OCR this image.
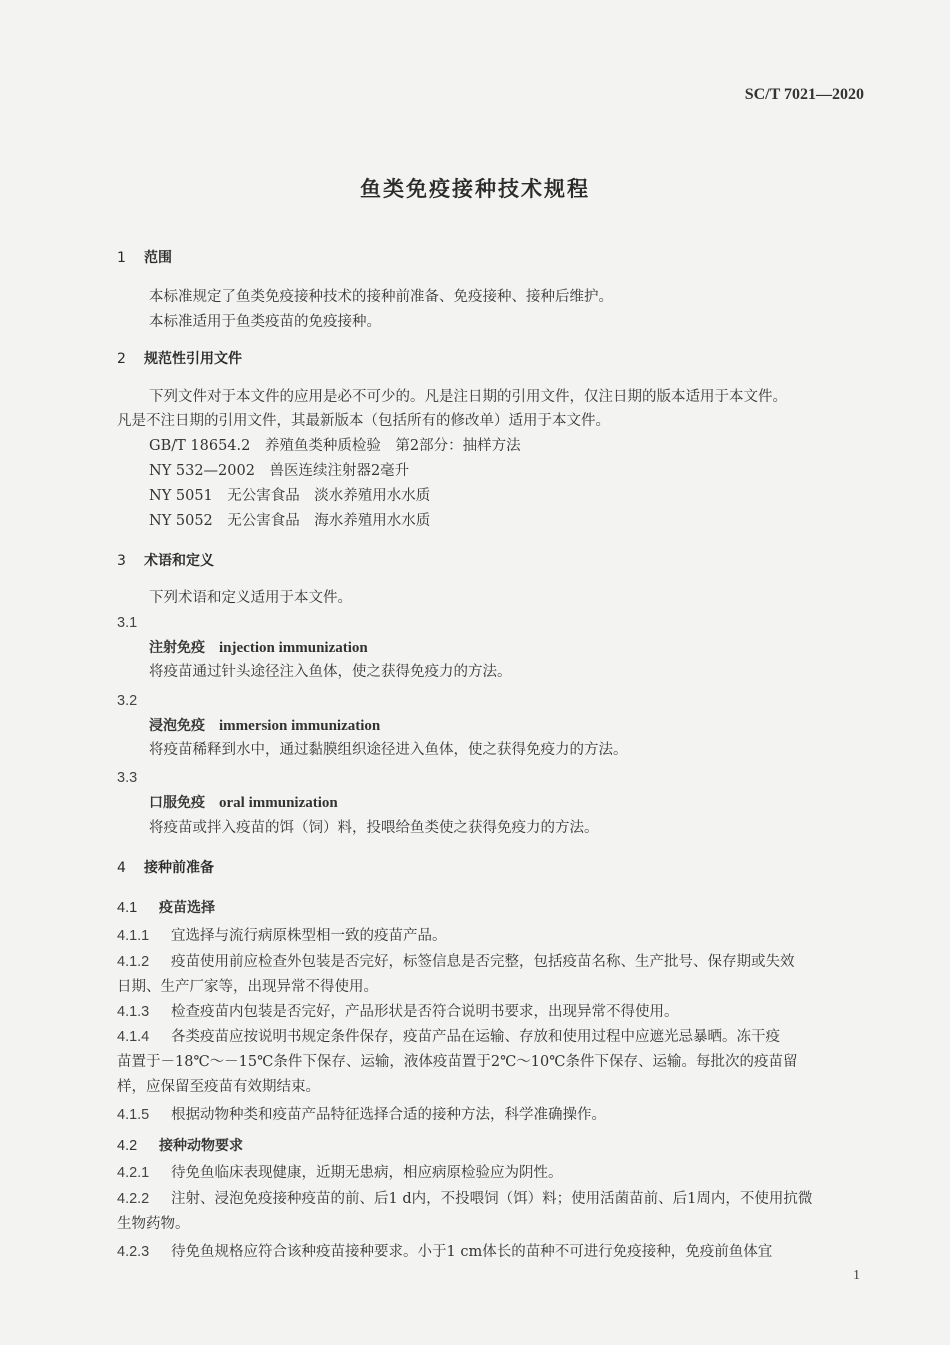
SC/T 7021—2020
鱼类免疫接种技术规程
1 范围
本标准规定了鱼类免疫接种技术的接种前准备、免疫接种、接种后维护。
本标准适用于鱼类疫苗的免疫接种。
2 规范性引用文件
下列文件对于本文件的应用是必不可少的。凡是注日期的引用文件，仅注日期的版本适用于本文件。
凡是不注日期的引用文件，其最新版本（包括所有的修改单）适用于本文件。
GB/T 18654.2　养殖鱼类种质检验　第2部分：抽样方法
NY 532—2002　兽医连续注射器2毫升
NY 5051　无公害食品　淡水养殖用水水质
NY 5052　无公害食品　海水养殖用水水质
3 术语和定义
下列术语和定义适用于本文件。
3.1
注射免疫 injection immunization
将疫苗通过针头途径注入鱼体，使之获得免疫力的方法。
3.2
浸泡免疫 immersion immunization
将疫苗稀释到水中，通过黏膜组织途径进入鱼体，使之获得免疫力的方法。
3.3
口服免疫 oral immunization
将疫苗或拌入疫苗的饵（饲）料，投喂给鱼类使之获得免疫力的方法。
4 接种前准备
4.1 疫苗选择
4.1.1 宜选择与流行病原株型相一致的疫苗产品。
4.1.2 疫苗使用前应检查外包装是否完好，标签信息是否完整，包括疫苗名称、生产批号、保存期或失效
日期、生产厂家等，出现异常不得使用。
4.1.3 检查疫苗内包装是否完好，产品形状是否符合说明书要求，出现异常不得使用。
4.1.4 各类疫苗应按说明书规定条件保存，疫苗产品在运输、存放和使用过程中应遮光忌暴晒。冻干疫
苗置于－18℃～－15℃条件下保存、运输，液体疫苗置于2℃～10℃条件下保存、运输。每批次的疫苗留
样，应保留至疫苗有效期结束。
4.1.5 根据动物种类和疫苗产品特征选择合适的接种方法，科学准确操作。
4.2 接种动物要求
4.2.1 待免鱼临床表现健康，近期无患病，相应病原检验应为阴性。
4.2.2 注射、浸泡免疫接种疫苗的前、后1 d内，不投喂饲（饵）料；使用活菌苗前、后1周内，不使用抗微
生物药物。
4.2.3 待免鱼规格应符合该种疫苗接种要求。小于1 cm体长的苗种不可进行免疫接种，免疫前鱼体宜
1
